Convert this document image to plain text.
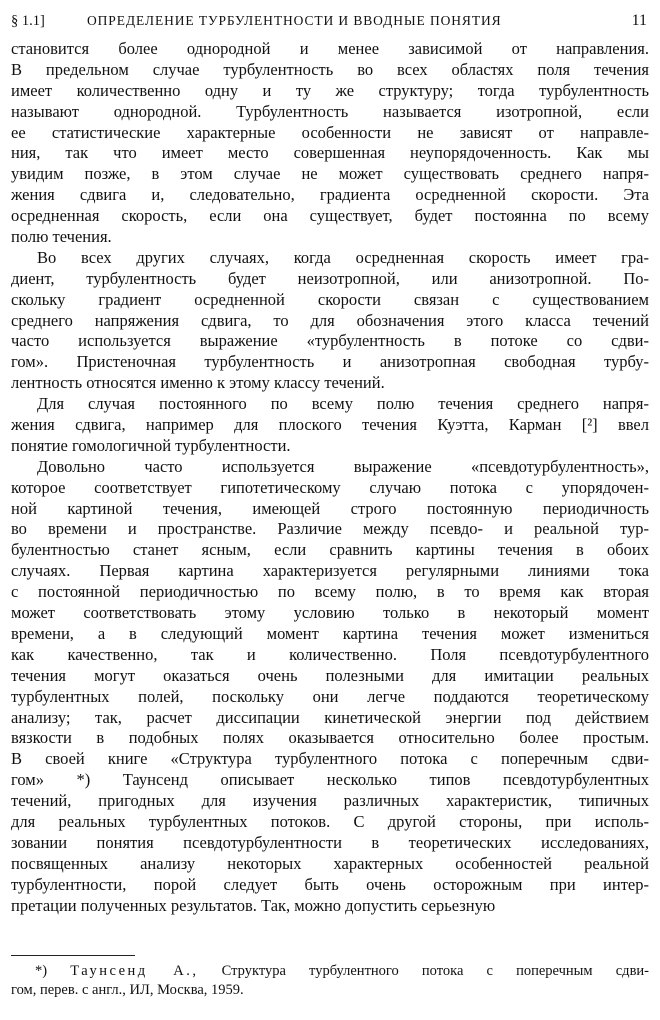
§ 1.1]	ОПРЕДЕЛЕНИЕ ТУРБУЛЕНТНОСТИ И ВВОДНЫЕ ПОНЯТИЯ	11
становится более однородной и менее зависимой от направления.
В предельном случае турбулентность во всех областях поля течения
имеет количественно одну и ту же структуру; тогда турбулентность
называют однородной. Турбулентность называется изотропной, если
ее статистические характерные особенности не зависят от направле-
ния, так что имеет место совершенная неупорядоченность. Как мы
увидим позже, в этом случае не может существовать среднего напря-
жения сдвига и, следовательно, градиента осредненной скорости. Эта
осредненная скорость, если она существует, будет постоянна по всему
полю течения.
Во всех других случаях, когда осредненная скорость имеет гра-
диент, турбулентность будет неизотропной, или анизотропной. По-
скольку градиент осредненной скорости связан с существованием
среднего напряжения сдвига, то для обозначения этого класса течений
часто используется выражение «турбулентность в потоке со сдви-
гом». Пристеночная турбулентность и анизотропная свободная турбу-
лентность относятся именно к этому классу течений.
Для случая постоянного по всему полю течения среднего напря-
жения сдвига, например для плоского течения Куэтта, Карман [²] ввел
понятие гомологичной турбулентности.
Довольно часто используется выражение «псевдотурбулентность»,
которое соответствует гипотетическому случаю потока с упорядочен-
ной картиной течения, имеющей строго постоянную периодичность
во времени и пространстве. Различие между псевдо- и реальной тур-
булентностью станет ясным, если сравнить картины течения в обоих
случаях. Первая картина характеризуется регулярными линиями тока
с постоянной периодичностью по всему полю, в то время как вторая
может соответствовать этому условию только в некоторый момент
времени, а в следующий момент картина течения может измениться
как качественно, так и количественно. Поля псевдотурбулентного
течения могут оказаться очень полезными для имитации реальных
турбулентных полей, поскольку они легче поддаются теоретическому
анализу; так, расчет диссипации кинетической энергии под действием
вязкости в подобных полях оказывается относительно более простым.
В своей книге «Структура турбулентного потока с поперечным сдви-
гом» *) Таунсенд описывает несколько типов псевдотурбулентных
течений, пригодных для изучения различных характеристик, типичных
для реальных турбулентных потоков. С другой стороны, при исполь-
зовании понятия псевдотурбулентности в теоретических исследованиях,
посвященных анализу некоторых характерных особенностей реальной
турбулентности, порой следует быть очень осторожным при интер-
претации полученных результатов. Так, можно допустить серьезную
*) Таунсенд А., Структура турбулентного потока с поперечным сдви-
гом, перев. с англ., ИЛ, Москва, 1959.
